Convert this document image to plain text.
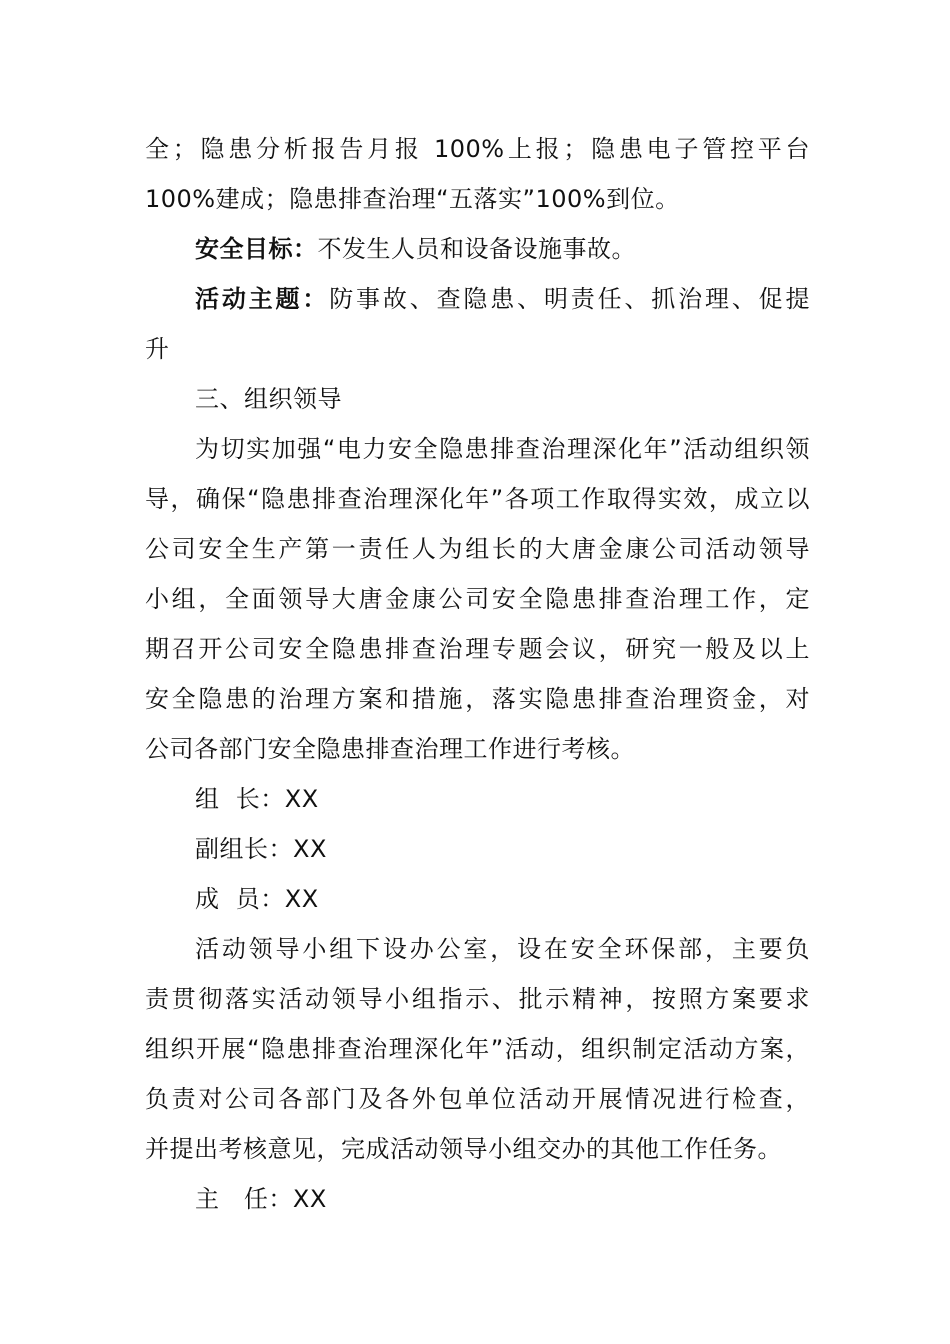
全；隐患分析报告月报 100%上报；隐患电子管控平台
100%建成；隐患排查治理“五落实”100%到位。
安全目标：不发生人员和设备设施事故。
活动主题：防事故、查隐患、明责任、抓治理、促提
升
三、组织领导
为切实加强“电力安全隐患排查治理深化年”活动组织领
导，确保“隐患排查治理深化年”各项工作取得实效，成立以
公司安全生产第一责任人为组长的大唐金康公司活动领导
小组，全面领导大唐金康公司安全隐患排查治理工作，定
期召开公司安全隐患排查治理专题会议，研究一般及以上
安全隐患的治理方案和措施，落实隐患排查治理资金，对
公司各部门安全隐患排查治理工作进行考核。
组  长：XX
副组长：XX
成  员：XX
活动领导小组下设办公室，设在安全环保部，主要负
责贯彻落实活动领导小组指示、批示精神，按照方案要求
组织开展“隐患排查治理深化年”活动，组织制定活动方案，
负责对公司各部门及各外包单位活动开展情况进行检查，
并提出考核意见，完成活动领导小组交办的其他工作任务。
主   任：XX
